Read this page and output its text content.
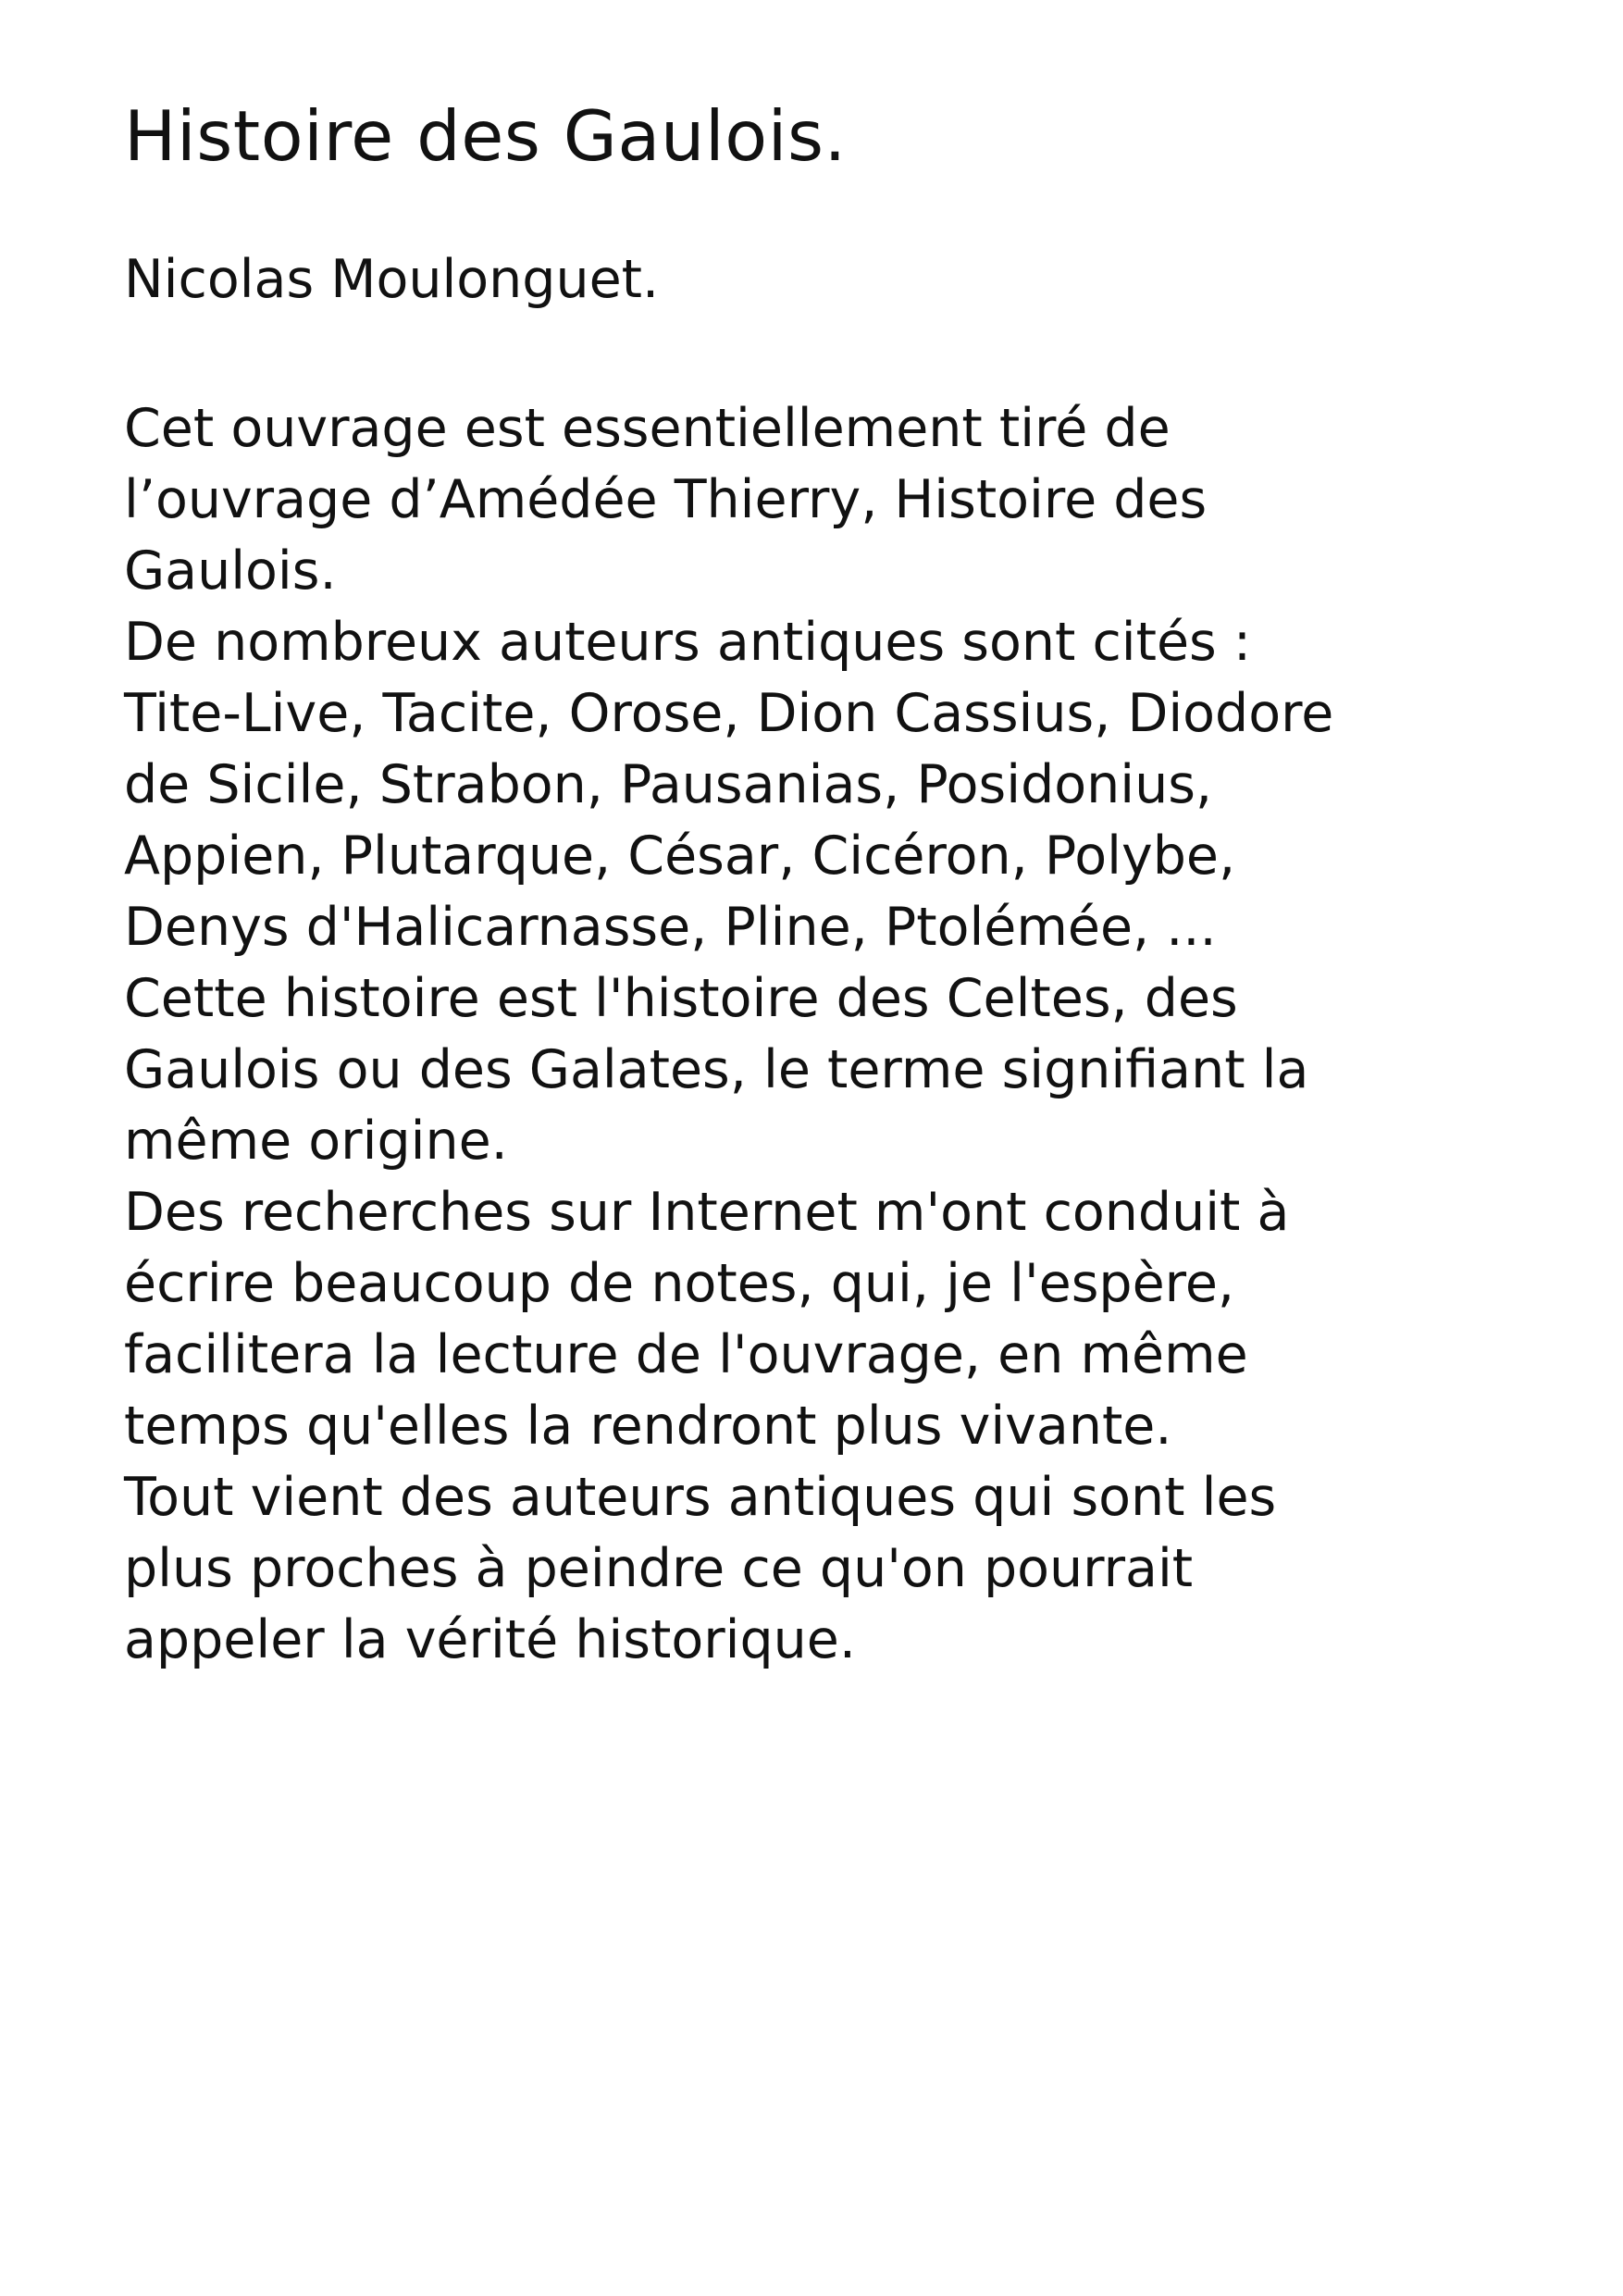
Histoire des Gaulois.

Nicolas Moulonguet.

Cet ouvrage est essentiellement tiré de
l’ouvrage d’Amédée Thierry, Histoire des
Gaulois.
De nombreux auteurs antiques sont cités :
Tite-Live, Tacite, Orose, Dion Cassius, Diodore
de Sicile, Strabon, Pausanias, Posidonius,
Appien, Plutarque, César, Cicéron, Polybe,
Denys d'Halicarnasse, Pline, Ptolémée, ...
Cette histoire est l'histoire des Celtes, des
Gaulois ou des Galates, le terme signifiant la
même origine.
Des recherches sur Internet m'ont conduit à
écrire beaucoup de notes, qui, je l'espère,
facilitera la lecture de l'ouvrage, en même
temps qu'elles la rendront plus vivante.
Tout vient des auteurs antiques qui sont les
plus proches à peindre ce qu'on pourrait
appeler la vérité historique.
